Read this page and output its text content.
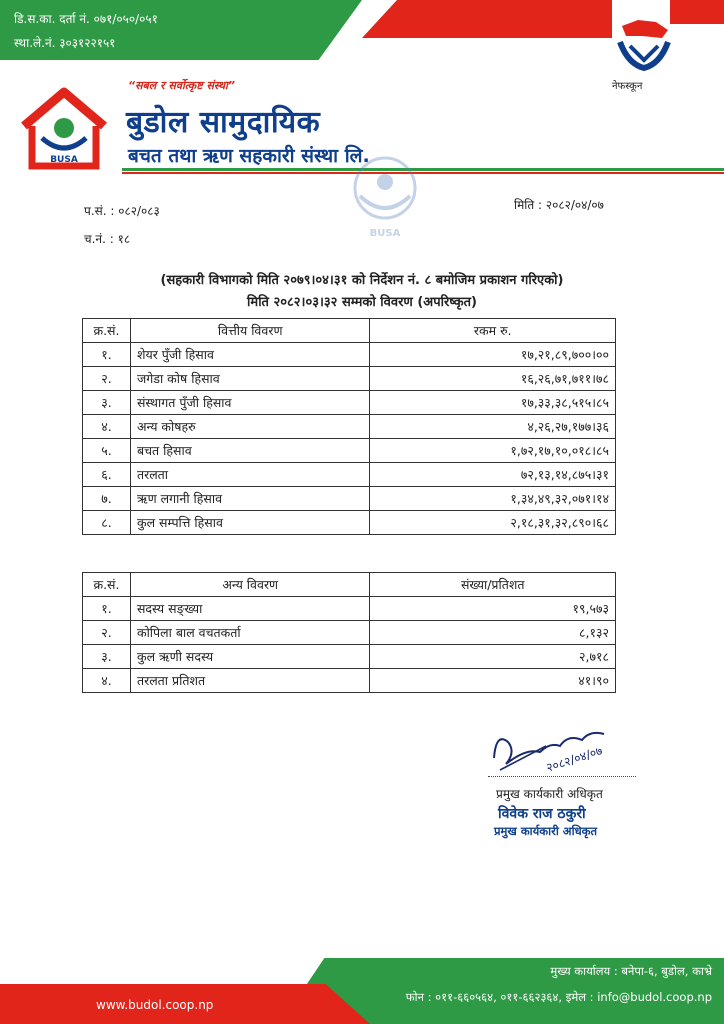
डि.स.का. दर्ता नं. ०७१/०५०/०५१
स्था.ले.नं. ३०३१२२१५१
BUSA
“सबल र सर्वोत्कृष्ट संस्था”
बुडोल सामुदायिक
बचत तथा ऋण सहकारी संस्था लि.
नेफस्कून
BUSA
प.सं. : ०८२/०८३
च.नं. : १८
मिति : २०८२/०४/०७
(सहकारी विभागको मिति २०७९।०४।३१ को निर्देशन नं. ८ बमोजिम प्रकाशन गरिएको)
मिति २०८२।०३।३२ सम्मको विवरण (अपरिष्कृत)
क्र.सं.	वित्तीय विवरण	रकम रु.
१.	शेयर पुँजी हिसाव	१७,२१,८९,७००।००
२.	जगेडा कोष हिसाव	१६,२६,७१,७११।७८
३.	संस्थागत पुँजी हिसाव	१७,३३,३८,५१५।८५
४.	अन्य कोषहरु	४,२६,२७,१७७।३६
५.	बचत हिसाव	१,७२,१७,१०,०१८।८५
६.	तरलता	७२,१३,१४,८७५।३१
७.	ऋण लगानी हिसाव	१,३४,४९,३२,०७१।१४
८.	कुल सम्पत्ति हिसाव	२,१८,३१,३२,८९०।६८
क्र.सं.	अन्य विवरण	संख्या/प्रतिशत
१.	सदस्य सङ्ख्या	१९,५७३
२.	कोपिला बाल वचतकर्ता	८,१३२
३.	कुल ऋणी सदस्य	२,७१८
४.	तरलता प्रतिशत	४१।९०
२०८२/०४/०७
प्रमुख कार्यकारी अधिकृत
विवेक राज ठकुरी
प्रमुख कार्यकारी अधिकृत
www.budol.coop.np
मुख्य कार्यालय : बनेपा-६, बुडोल, काभ्रे
फोन : ०११-६६०५६४, ०११-६६२३६४, इमेल : info@budol.coop.np
